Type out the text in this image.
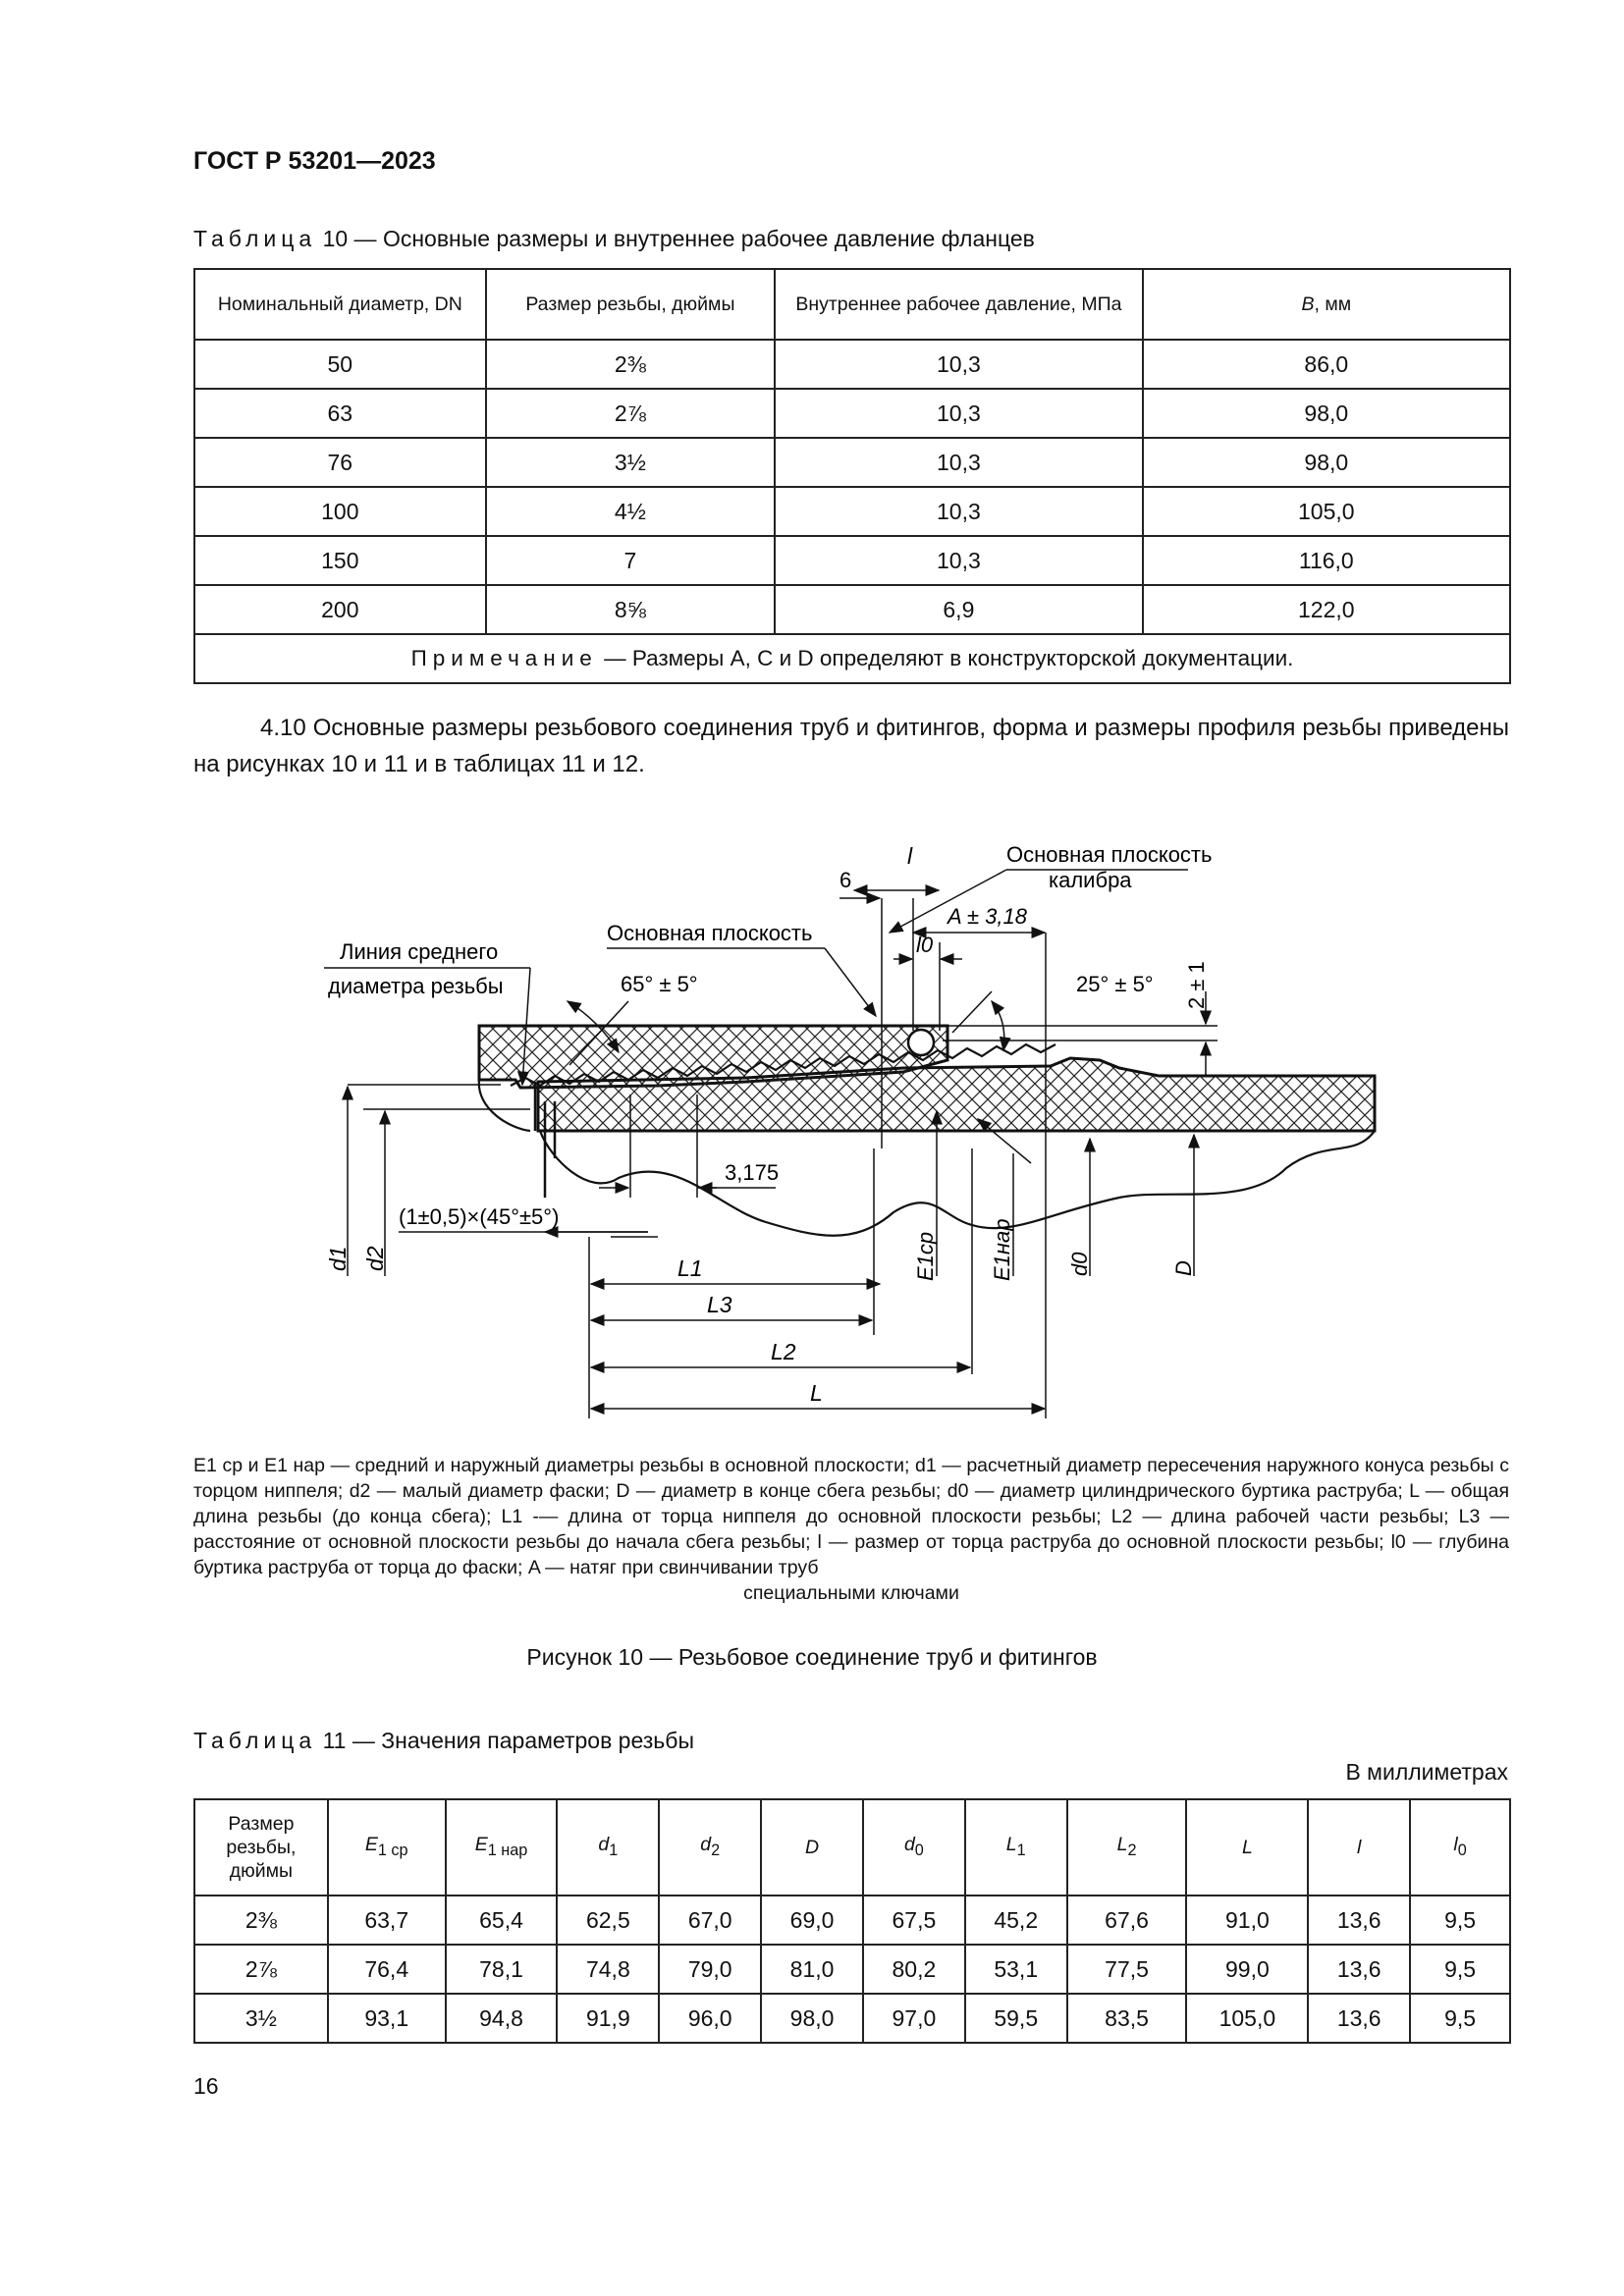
ГОСТ Р 53201—2023
Таблица 10 — Основные размеры и внутреннее рабочее давление фланцев
Номинальный диаметр, DN	Размер резьбы, дюймы	Внутреннее рабочее давление, МПа	B, мм
50	2⅜	10,3	86,0
63	2⅞	10,3	98,0
76	3½	10,3	98,0
100	4½	10,3	105,0
150	7	10,3	116,0
200	8⅝	6,9	122,0
Примечание — Размеры A, C и D определяют в конструкторской документации.			
4.10 Основные размеры резьбового соединения труб и фитингов, форма и размеры профиля резьбы приведены на рисунках 10 и 11 и в таблицах 11 и 12.
l
6
Основная плоскость
калибра
A ± 3,18
Основная плоскость
Линия среднего
диаметра резьбы
l0
65° ± 5°	25° ± 5° 2 ± 1
3,175
(1±0,5)×(45°±5°)
d1 d2	E1cp E1нар d0	D
L1
L3
L2
L
E1 ср и E1 нар — средний и наружный диаметры резьбы в основной плоскости; d1 — расчетный диаметр пересечения наружного конуса резьбы с торцом ниппеля; d2 — малый диаметр фаски; D — диаметр в конце сбега резьбы; d0 — диаметр цилиндрического буртика раструба; L — общая длина резьбы (до конца сбега); L1 -— длина от торца ниппеля до основной плоскости резьбы; L2 — длина рабочей части резьбы; L3 — расстояние от основной плоскости резьбы до начала сбега резьбы; l — размер от торца раструба до основной плоскости резьбы; l0 — глубина буртика раструба от торца до фаски; A — натяг при свинчивании труб
специальными ключами
Рисунок 10 — Резьбовое соединение труб и фитингов
Таблица 11 — Значения параметров резьбы
В миллиметрах
Размер резьбы, дюймы	$E_{1 ср}$	$E_{1 нар}$	$d_1$	$d_2$	D	$d_0$	$L_1$	$L_2$	L	l	$l_0$
2⅜	63,7	65,4	62,5	67,0	69,0	67,5	45,2	67,6	91,0	13,6	9,5
2⅞	76,4	78,1	74,8	79,0	81,0	80,2	53,1	77,5	99,0	13,6	9,5
3½	93,1	94,8	91,9	96,0	98,0	97,0	59,5	83,5	105,0	13,6	9,5
16
